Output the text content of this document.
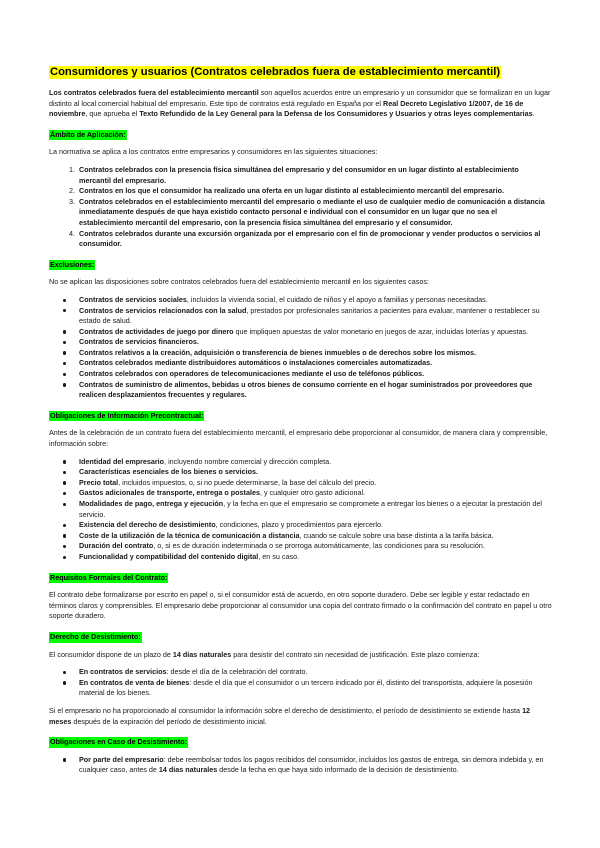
Consumidores y usuarios (Contratos celebrados fuera de establecimiento mercantil)

Los contratos celebrados fuera del establecimiento mercantil son aquellos acuerdos entre un empresario y un consumidor que se formalizan en un lugar distinto al local comercial habitual del empresario. Este tipo de contratos está regulado en España por el Real Decreto Legislativo 1/2007, de 16 de noviembre, que aprueba el Texto Refundido de la Ley General para la Defensa de los Consumidores y Usuarios y otras leyes complementarias.

Ámbito de Aplicación:

La normativa se aplica a los contratos entre empresarios y consumidores en las siguientes situaciones:

1. Contratos celebrados con la presencia física simultánea del empresario y del consumidor en un lugar distinto al establecimiento mercantil del empresario.
2. Contratos en los que el consumidor ha realizado una oferta en un lugar distinto al establecimiento mercantil del empresario.
3. Contratos celebrados en el establecimiento mercantil del empresario o mediante el uso de cualquier medio de comunicación a distancia inmediatamente después de que haya existido contacto personal e individual con el consumidor en un lugar que no sea el establecimiento mercantil del empresario, con la presencia física simultánea del empresario y el consumidor.
4. Contratos celebrados durante una excursión organizada por el empresario con el fin de promocionar y vender productos o servicios al consumidor.
Exclusiones:

No se aplican las disposiciones sobre contratos celebrados fuera del establecimiento mercantil en los siguientes casos:

Contratos de servicios sociales, incluidos la vivienda social, el cuidado de niños y el apoyo a familias y personas necesitadas.
Contratos de servicios relacionados con la salud, prestados por profesionales sanitarios a pacientes para evaluar, mantener o restablecer su estado de salud.
Contratos de actividades de juego por dinero que impliquen apuestas de valor monetario en juegos de azar, incluidas loterías y apuestas.
Contratos de servicios financieros.
Contratos relativos a la creación, adquisición o transferencia de bienes inmuebles o de derechos sobre los mismos.
Contratos celebrados mediante distribuidores automáticos o instalaciones comerciales automatizadas.
Contratos celebrados con operadores de telecomunicaciones mediante el uso de teléfonos públicos.
Contratos de suministro de alimentos, bebidas u otros bienes de consumo corriente en el hogar suministrados por proveedores que realicen desplazamientos frecuentes y regulares.
Obligaciones de Información Precontractual:

Antes de la celebración de un contrato fuera del establecimiento mercantil, el empresario debe proporcionar al consumidor, de manera clara y comprensible, información sobre:

Identidad del empresario, incluyendo nombre comercial y dirección completa.
Características esenciales de los bienes o servicios.
Precio total, incluidos impuestos, o, si no puede determinarse, la base del cálculo del precio.
Gastos adicionales de transporte, entrega o postales, y cualquier otro gasto adicional.
Modalidades de pago, entrega y ejecución, y la fecha en que el empresario se compromete a entregar los bienes o a ejecutar la prestación del servicio.
Existencia del derecho de desistimiento, condiciones, plazo y procedimientos para ejercerlo.
Coste de la utilización de la técnica de comunicación a distancia, cuando se calcule sobre una base distinta a la tarifa básica.
Duración del contrato, o, si es de duración indeterminada o se prorroga automáticamente, las condiciones para su resolución.
Funcionalidad y compatibilidad del contenido digital, en su caso.
Requisitos Formales del Contrato:

El contrato debe formalizarse por escrito en papel o, si el consumidor está de acuerdo, en otro soporte duradero. Debe ser legible y estar redactado en términos claros y comprensibles. El empresario debe proporcionar al consumidor una copia del contrato firmado o la confirmación del contrato en papel u otro soporte duradero.

Derecho de Desistimiento:

El consumidor dispone de un plazo de 14 días naturales para desistir del contrato sin necesidad de justificación. Este plazo comienza:

En contratos de servicios: desde el día de la celebración del contrato.
En contratos de venta de bienes: desde el día que el consumidor o un tercero indicado por él, distinto del transportista, adquiere la posesión material de los bienes.

Si el empresario no ha proporcionado al consumidor la información sobre el derecho de desistimiento, el período de desistimiento se extiende hasta 12 meses después de la expiración del período de desistimiento inicial.

Obligaciones en Caso de Desistimiento:
Por parte del empresario: debe reembolsar todos los pagos recibidos del consumidor, incluidos los gastos de entrega, sin demora indebida y, en cualquier caso, antes de 14 días naturales desde la fecha en que haya sido informado de la decisión de desistimiento.
